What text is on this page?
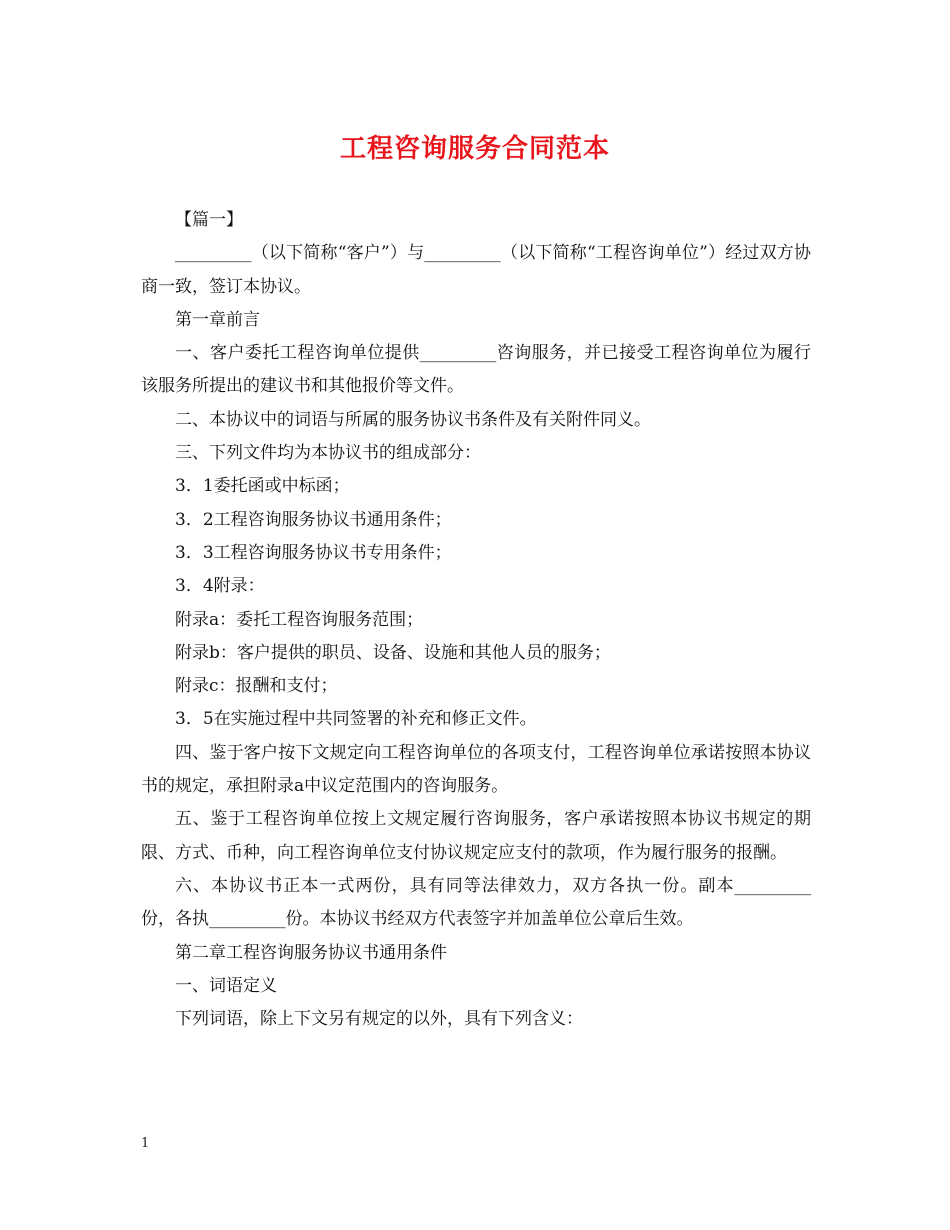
工程咨询服务合同范本

【篇一】

_________（以下简称“客户”）与_________（以下简称“工程咨询单位”）经过双方协商一致，签订本协议。

第一章前言

一、客户委托工程咨询单位提供_________咨询服务，并已接受工程咨询单位为履行该服务所提出的建议书和其他报价等文件。

二、本协议中的词语与所属的服务协议书条件及有关附件同义。

三、下列文件均为本协议书的组成部分：

3．1委托函或中标函；

3．2工程咨询服务协议书通用条件；

3．3工程咨询服务协议书专用条件；

3．4附录：

附录a：委托工程咨询服务范围；

附录b：客户提供的职员、设备、设施和其他人员的服务；

附录c：报酬和支付；

3．5在实施过程中共同签署的补充和修正文件。

四、鉴于客户按下文规定向工程咨询单位的各项支付，工程咨询单位承诺按照本协议书的规定，承担附录a中议定范围内的咨询服务。

五、鉴于工程咨询单位按上文规定履行咨询服务，客户承诺按照本协议书规定的期限、方式、币种，向工程咨询单位支付协议规定应支付的款项，作为履行服务的报酬。

六、本协议书正本一式两份，具有同等法律效力，双方各执一份。副本_________份，各执_________份。本协议书经双方代表签字并加盖单位公章后生效。

第二章工程咨询服务协议书通用条件

一、词语定义

下列词语，除上下文另有规定的以外，具有下列含义：

1
